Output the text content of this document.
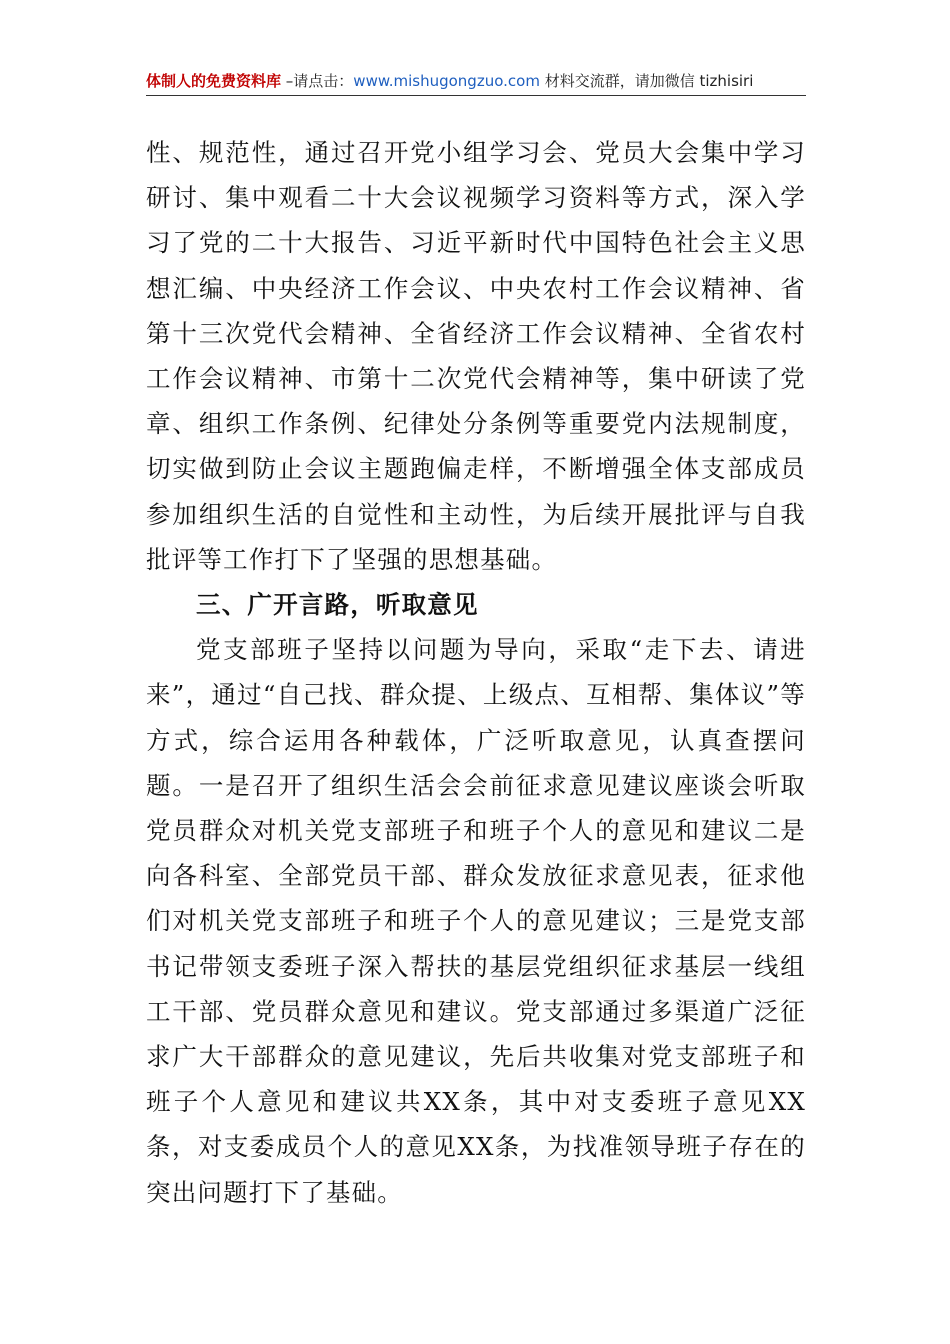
体制人的免费资料库 –请点击：www.mishugongzuo.com 材料交流群，请加微信 tizhisiri

性、规范性，通过召开党小组学习会、党员大会集中学习研讨、集中观看二十大会议视频学习资料等方式，深入学习了党的二十大报告、习近平新时代中国特色社会主义思想汇编、中央经济工作会议、中央农村工作会议精神、省第十三次党代会精神、全省经济工作会议精神、全省农村工作会议精神、市第十二次党代会精神等，集中研读了党章、组织工作条例、纪律处分条例等重要党内法规制度，切实做到防止会议主题跑偏走样，不断增强全体支部成员参加组织生活的自觉性和主动性，为后续开展批评与自我批评等工作打下了坚强的思想基础。

三、广开言路，听取意见

党支部班子坚持以问题为导向，采取“走下去、请进来”，通过“自己找、群众提、上级点、互相帮、集体议”等方式，综合运用各种载体，广泛听取意见，认真查摆问题。一是召开了组织生活会会前征求意见建议座谈会听取党员群众对机关党支部班子和班子个人的意见和建议二是向各科室、全部党员干部、群众发放征求意见表，征求他们对机关党支部班子和班子个人的意见建议；三是党支部书记带领支委班子深入帮扶的基层党组织征求基层一线组工干部、党员群众意见和建议。党支部通过多渠道广泛征求广大干部群众的意见建议，先后共收集对党支部班子和班子个人意见和建议共XX条，其中对支委班子意见XX条，对支委成员个人的意见XX条，为找准领导班子存在的突出问题打下了基础。
